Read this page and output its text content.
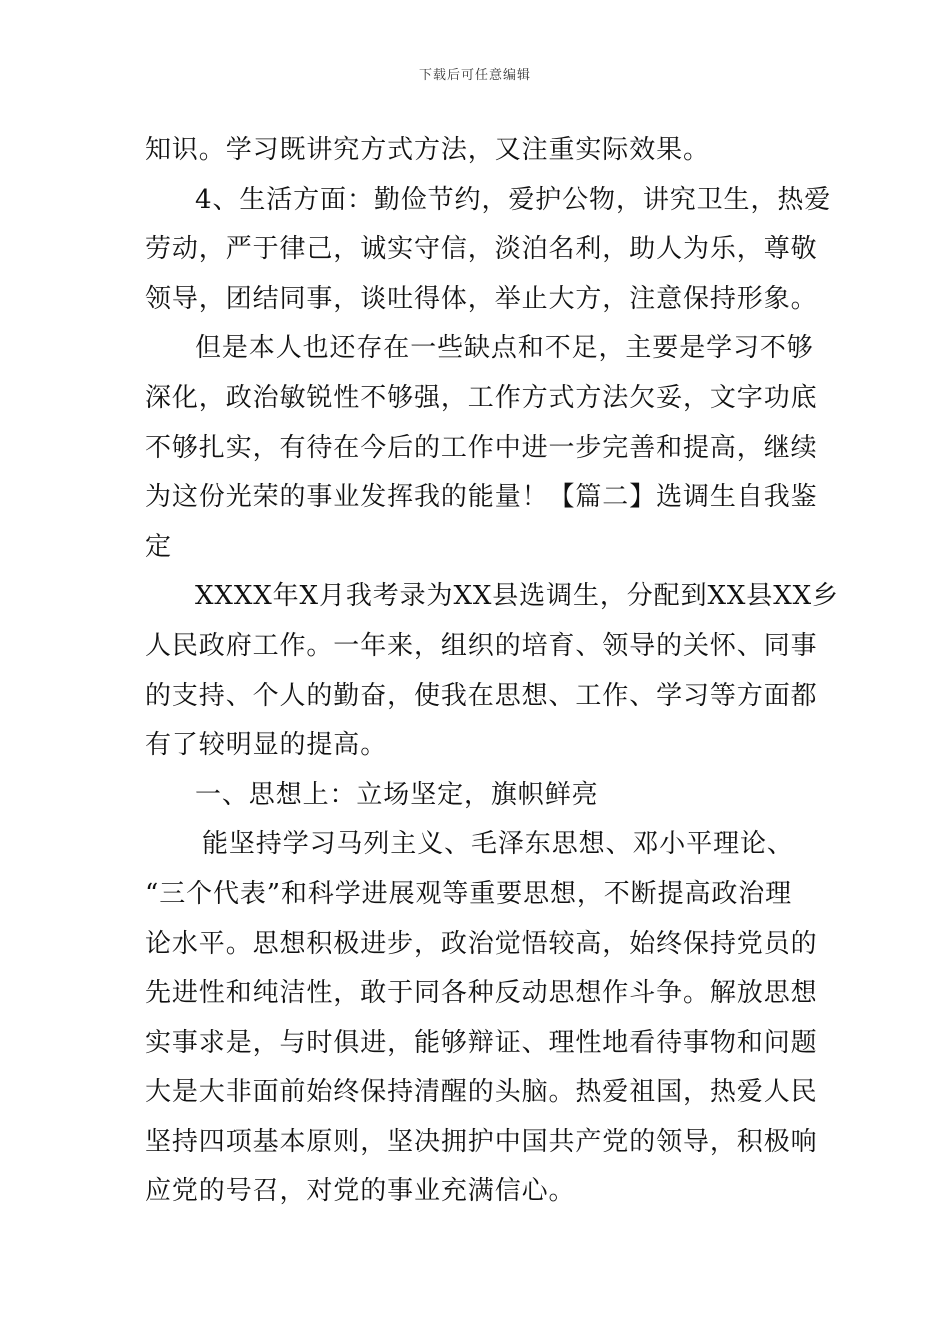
下载后可任意编辑
知识。学习既讲究方式方法，又注重实际效果。
4、生活方面：勤俭节约，爱护公物，讲究卫生，热爱
劳动，严于律己，诚实守信，淡泊名利，助人为乐，尊敬
领导，团结同事，谈吐得体，举止大方，注意保持形象。
但是本人也还存在一些缺点和不足，主要是学习不够
深化，政治敏锐性不够强，工作方式方法欠妥，文字功底
不够扎实，有待在今后的工作中进一步完善和提高，继续
为这份光荣的事业发挥我的能量！【篇二】选调生自我鉴
定
XXXX年X月我考录为XX县选调生，分配到XX县XX乡
人民政府工作。一年来，组织的培育、领导的关怀、同事
的支持、个人的勤奋，使我在思想、工作、学习等方面都
有了较明显的提高。
一、思想上：立场坚定，旗帜鲜亮
能坚持学习马列主义、毛泽东思想、邓小平理论、
“三个代表”和科学进展观等重要思想，不断提高政治理
论水平。思想积极进步，政治觉悟较高，始终保持党员的
先进性和纯洁性，敢于同各种反动思想作斗争。解放思想
实事求是，与时俱进，能够辩证、理性地看待事物和问题
大是大非面前始终保持清醒的头脑。热爱祖国，热爱人民
坚持四项基本原则，坚决拥护中国共产党的领导，积极响
应党的号召，对党的事业充满信心。
